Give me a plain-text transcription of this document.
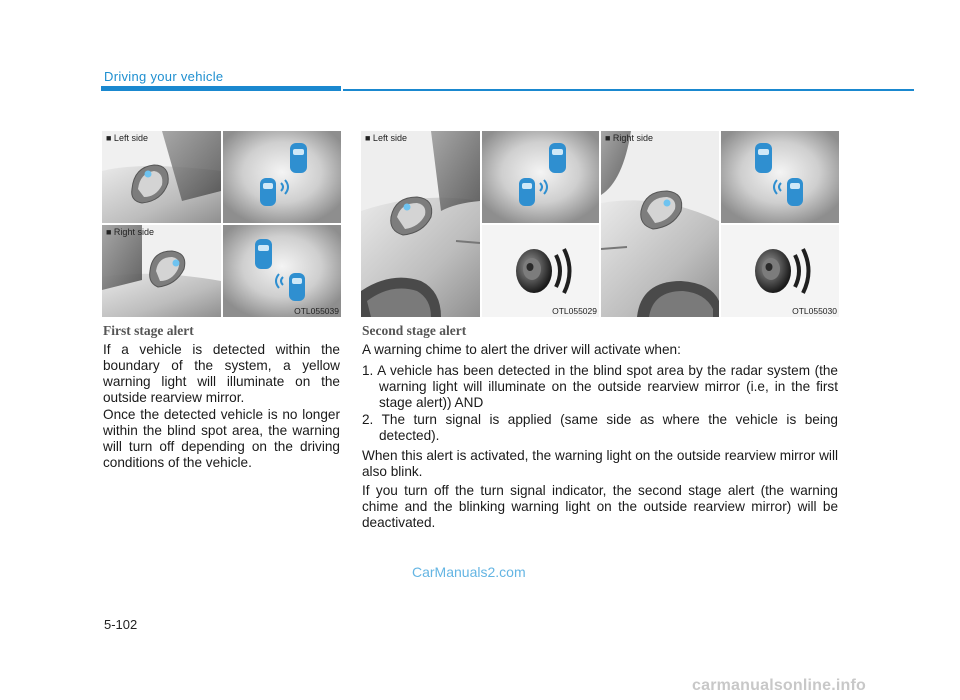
Driving your vehicle
■ Left side
■ Right side
OTL055039
■ Left side
OTL055029
■ Right side
OTL055030
First stage alert

If a vehicle is detected within the boundary of the system, a yellow warning light will illuminate on the outside rearview mirror.

Once the detected vehicle is no longer within the blind spot area, the warning will turn off depending on the driving conditions of the vehicle.

Second stage alert

A warning chime to alert the driver will activate when:

1. A vehicle has been detected in the blind spot area by the radar system (the warning light will illuminate on the outside rearview mirror (i.e, in the first stage alert)) AND

2. The turn signal is applied (same side as where the vehicle is being detected).

When this alert is activated, the warning light on the outside rearview mirror will also blink.

If you turn off the turn signal indicator, the second stage alert (the warning chime and the blinking warning light on the outside rearview mirror) will be deactivated.

CarManuals2.com
5-102
carmanualsonline.info
